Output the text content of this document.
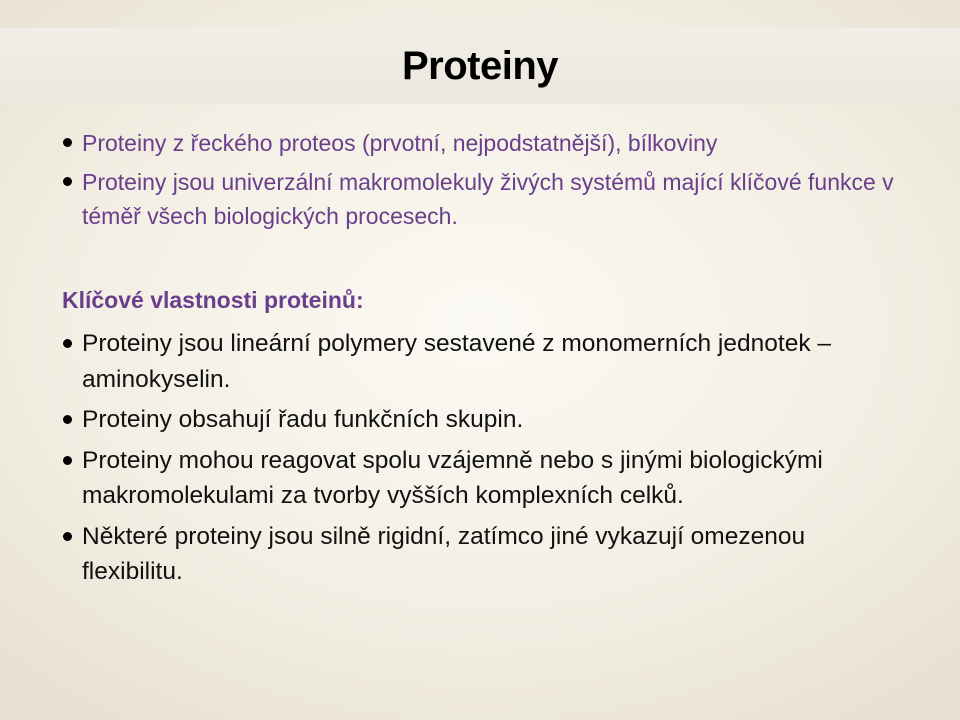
Proteiny

Proteiny z řeckého proteos (prvotní, nejpodstatnější), bílkoviny

Proteiny jsou univerzální makromolekuly živých systémů mající klíčové funkce v téměř všech biologických procesech.

Klíčové vlastnosti proteinů:

Proteiny jsou lineární polymery sestavené z monomerních jednotek – aminokyselin.

Proteiny obsahují řadu funkčních skupin.

Proteiny mohou reagovat spolu vzájemně nebo s jinými biologickými makromolekulami za tvorby vyšších komplexních celků.

Některé proteiny jsou silně rigidní, zatímco jiné vykazují omezenou flexibilitu.
